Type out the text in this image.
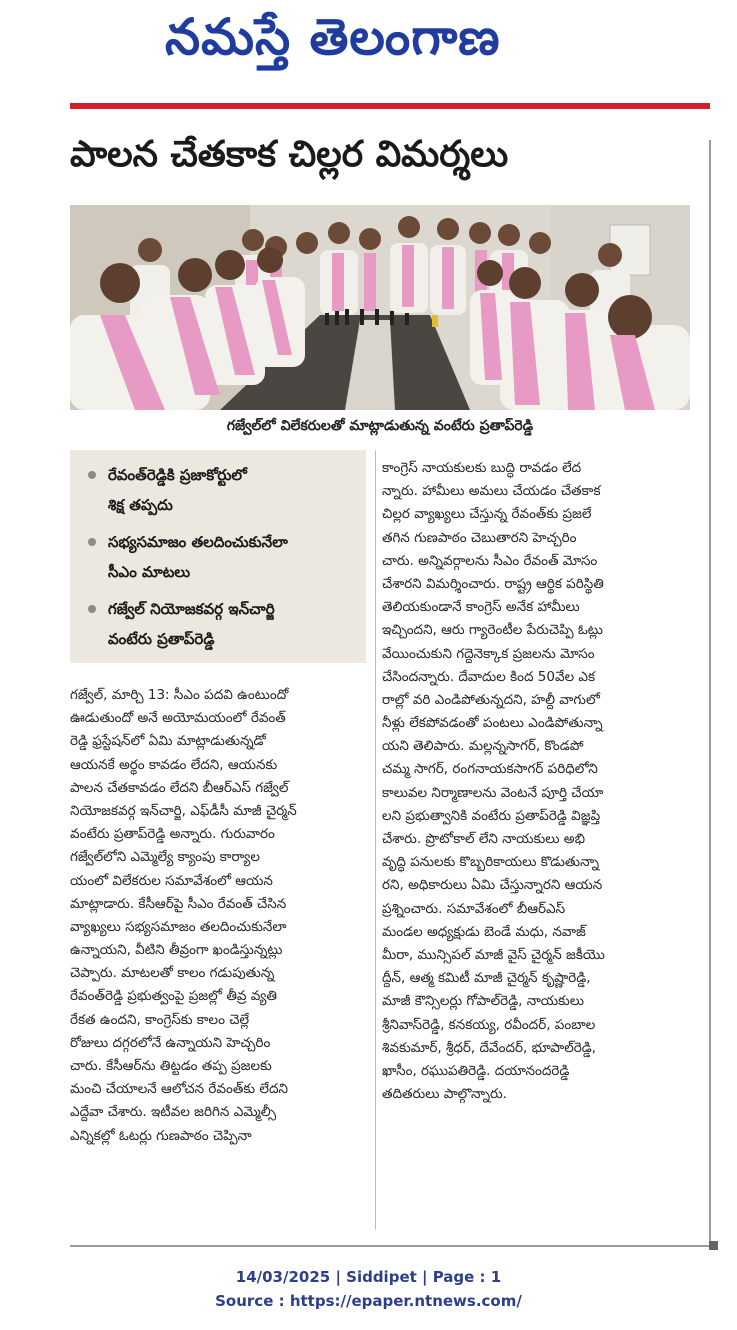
నమస్తే తెలంగాణ
పాలన చేతకాక చిల్లర విమర్శలు
గజ్వేల్‌లో విలేకరులతో మాట్లాడుతున్న వంటేరు ప్రతాప్‌రెడ్డి
రేవంత్‌రెడ్డికి ప్రజాకోర్టులో
శిక్ష తప్పదు
సభ్యసమాజం తలదించుకునేలా
సీఎం మాటలు
గజ్వేల్ నియోజకవర్గ ఇన్‌చార్జి
వంటేరు ప్రతాప్‌రెడ్డి
గజ్వేల్, మార్చి 13: సీఎం పదవి ఉంటుందో
ఊడుతుందో అనే అయోమయంలో రేవంత్
రెడ్డి ఫ్రస్టేషన్‌లో ఏమి మాట్లాడుతున్నడో
ఆయనకే అర్థం కావడం లేదని, ఆయనకు
పాలన చేతకావడం లేదని బీఆర్‌ఎస్ గజ్వేల్
నియోజకవర్గ ఇన్‌చార్జి, ఎఫ్‌డీసీ మాజీ చైర్మన్
వంటేరు ప్రతాప్‌రెడ్డి అన్నారు. గురువారం
గజ్వేల్‌లోని ఎమ్మెల్యే క్యాంపు కార్యాల
యంలో విలేకరుల సమావేశంలో ఆయన
మాట్లాడారు. కేసీఆర్‌పై సీఎం రేవంత్ చేసిన
వ్యాఖ్యలు సభ్యసమాజం తలదించుకునేలా
ఉన్నాయని, వీటిని తీవ్రంగా ఖండిస్తున్నట్లు
చెప్పారు. మాటలతో కాలం గడుపుతున్న
రేవంత్‌రెడ్డి ప్రభుత్వంపై ప్రజల్లో తీవ్ర వ్యతి
రేకత ఉందని, కాంగ్రెస్‌కు కాలం చెల్లే
రోజులు దగ్గరలోనే ఉన్నాయని హెచ్చరిం
చారు. కేసీఆర్‌ను తిట్టడం తప్ప ప్రజలకు
మంచి చేయాలనే ఆలోచన రేవంత్‌కు లేదని
ఎద్దేవా చేశారు. ఇటీవల జరిగిన ఎమ్మెల్సీ
ఎన్నికల్లో ఓటర్లు గుణపాఠం చెప్పినా
కాంగ్రెస్ నాయకులకు బుద్ధి రావడం లేద
న్నారు. హామీలు అమలు చేయడం చేతకాక
చిల్లర వ్యాఖ్యలు చేస్తున్న రేవంత్‌కు ప్రజలే
తగిన గుణపాఠం చెబుతారని హెచ్చరిం
చారు. అన్నివర్గాలను సీఎం రేవంత్ మోసం
చేశారని విమర్శించారు. రాష్ట్ర ఆర్థిక పరిస్థితి
తెలియకుండానే కాంగ్రెస్ అనేక హామీలు
ఇచ్చిందని, ఆరు గ్యారెంటీల పేరుచెప్పి ఓట్లు
వేయించుకుని గద్దెనెక్కాక ప్రజలను మోసం
చేసిందన్నారు. దేవాదుల కింద 50వేల ఎక
రాల్లో వరి ఎండిపోతున్నదని, హల్దీ వాగులో
నీళ్లు లేకపోవడంతో పంటలు ఎండిపోతున్నా
యని తెలిపారు. మల్లన్నసాగర్, కొండపో
చమ్మ సాగర్, రంగనాయకసాగర్ పరిధిలోని
కాలువల నిర్మాణాలను వెంటనే పూర్తి చేయా
లని ప్రభుత్వానికి వంటేరు ప్రతాప్‌రెడ్డి విజ్ఞప్తి
చేశారు. ప్రొటోకాల్ లేని నాయకులు అభి
వృద్ధి పనులకు కొబ్బరికాయలు కొడుతున్నా
రని, అధికారులు ఏమి చేస్తున్నారని ఆయన
ప్రశ్నించారు. సమావేశంలో బీఆర్‌ఎస్
మండల అధ్యక్షుడు బెండే మధు, నవాజ్
మీరా, మున్సిపల్ మాజీ వైస్ చైర్మన్ జకీయొ
ద్దీన్, ఆత్మ కమిటీ మాజీ చైర్మన్ కృష్ణారెడ్డి,
మాజీ కౌన్సిలర్లు గోపాల్‌రెడ్డి, నాయకులు
శ్రీనివాస్‌రెడ్డి, కనకయ్య, రవీందర్, పంబాల
శివకుమార్, శ్రీధర్, దేవేందర్, భూపాల్‌రెడ్డి,
ఖాసీం, రఘుపతిరెడ్డి. దయానందరెడ్డి
తదితరులు పాల్గొన్నారు.
14/03/2025 | Siddipet | Page : 1
Source : https://epaper.ntnews.com/
